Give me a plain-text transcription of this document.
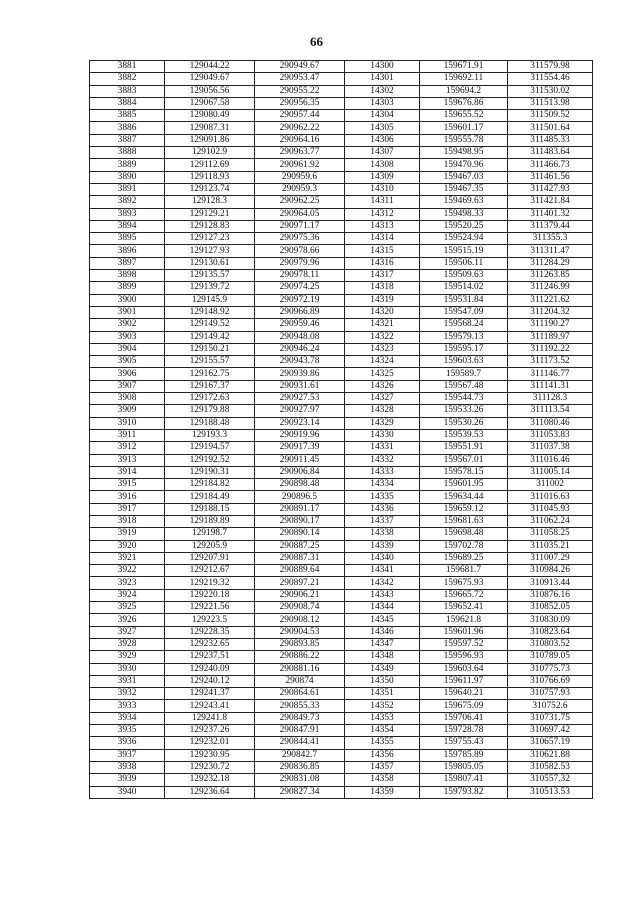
66
3881	129044.22	290949.67	14300	159671.91	311579.98
3882	129049.67	290953.47	14301	159692.11	311554.46
3883	129056.56	290955.22	14302	159694.2	311530.02
3884	129067.58	290956.35	14303	159676.86	311513.98
3885	129080.49	290957.44	14304	159655.52	311509.52
3886	129087.31	290962.22	14305	159601.17	311501.64
3887	129091.86	290964.16	14306	159555.78	311485.33
3888	129102.9	290963.77	14307	159498.95	311483.64
3889	129112.69	290961.92	14308	159470.96	311466.73
3890	129118.93	290959.6	14309	159467.03	311461.56
3891	129123.74	290959.3	14310	159467.35	311427.93
3892	129128.3	290962.25	14311	159469.63	311421.84
3893	129129.21	290964.05	14312	159498.33	311401.32
3894	129128.83	290971.17	14313	159520.25	311379.44
3895	129127.23	290975.36	14314	159524.94	311355.3
3896	129127.93	290978.66	14315	159515.19	311311.47
3897	129130.61	290979.96	14316	159506.11	311284.29
3898	129135.57	290978.11	14317	159509.63	311263.85
3899	129139.72	290974.25	14318	159514.02	311246.99
3900	129145.9	290972.19	14319	159531.84	311221.62
3901	129148.92	290966.89	14320	159547.09	311204.32
3902	129149.52	290959.46	14321	159568.24	311190.27
3903	129149.42	290948.08	14322	159579.13	311189.97
3904	129150.21	290946.24	14323	159595.17	311192.22
3905	129155.57	290943.78	14324	159603.63	311173.52
3906	129162.75	290939.86	14325	159589.7	311146.77
3907	129167.37	290931.61	14326	159567.48	311141.31
3908	129172.63	290927.53	14327	159544.73	311128.3
3909	129179.88	290927.97	14328	159533.26	311113.54
3910	129188.48	290923.14	14329	159530.26	311080.46
3911	129193.3	290919.96	14330	159539.53	311053.83
3912	129194.57	290917.39	14331	159551.91	311037.38
3913	129192.52	290911.45	14332	159567.01	311016.46
3914	129190.31	290906.84	14333	159578.15	311005.14
3915	129184.82	290898.48	14334	159601.95	311002
3916	129184.49	290896.5	14335	159634.44	311016.63
3917	129188.15	290891.17	14336	159659.12	311045.93
3918	129189.89	290890.17	14337	159681.63	311062.24
3919	129198.7	290890.14	14338	159698.48	311058.25
3920	129205.9	290887.25	14339	159702.78	311035.21
3921	129207.91	290887.31	14340	159689.25	311007.29
3922	129212.67	290889.64	14341	159681.7	310984.26
3923	129219.32	290897.21	14342	159675.93	310913.44
3924	129220.18	290906.21	14343	159665.72	310876.16
3925	129221.56	290908.74	14344	159652.41	310852.05
3926	129223.5	290908.12	14345	159621.8	310830.09
3927	129228.35	290904.53	14346	159601.96	310823.64
3928	129232.65	290893.85	14347	159597.52	310803.52
3929	129237.51	290886.22	14348	159596.93	310789.05
3930	129240.09	290881.16	14349	159603.64	310775.73
3931	129240.12	290874	14350	159611.97	310766.69
3932	129241.37	290864.61	14351	159640.21	310757.93
3933	129243.41	290855.33	14352	159675.09	310752.6
3934	129241.8	290849.73	14353	159706.41	310731.75
3935	129237.26	290847.91	14354	159728.78	310697.42
3936	129232.01	290844.41	14355	159755.43	310657.19
3937	129230.95	290842.7	14356	159785.89	310621.88
3938	129230.72	290836.85	14357	159805.05	310582.53
3939	129232.18	290831.08	14358	159807.41	310557.32
3940	129236.64	290827.34	14359	159793.82	310513.53
